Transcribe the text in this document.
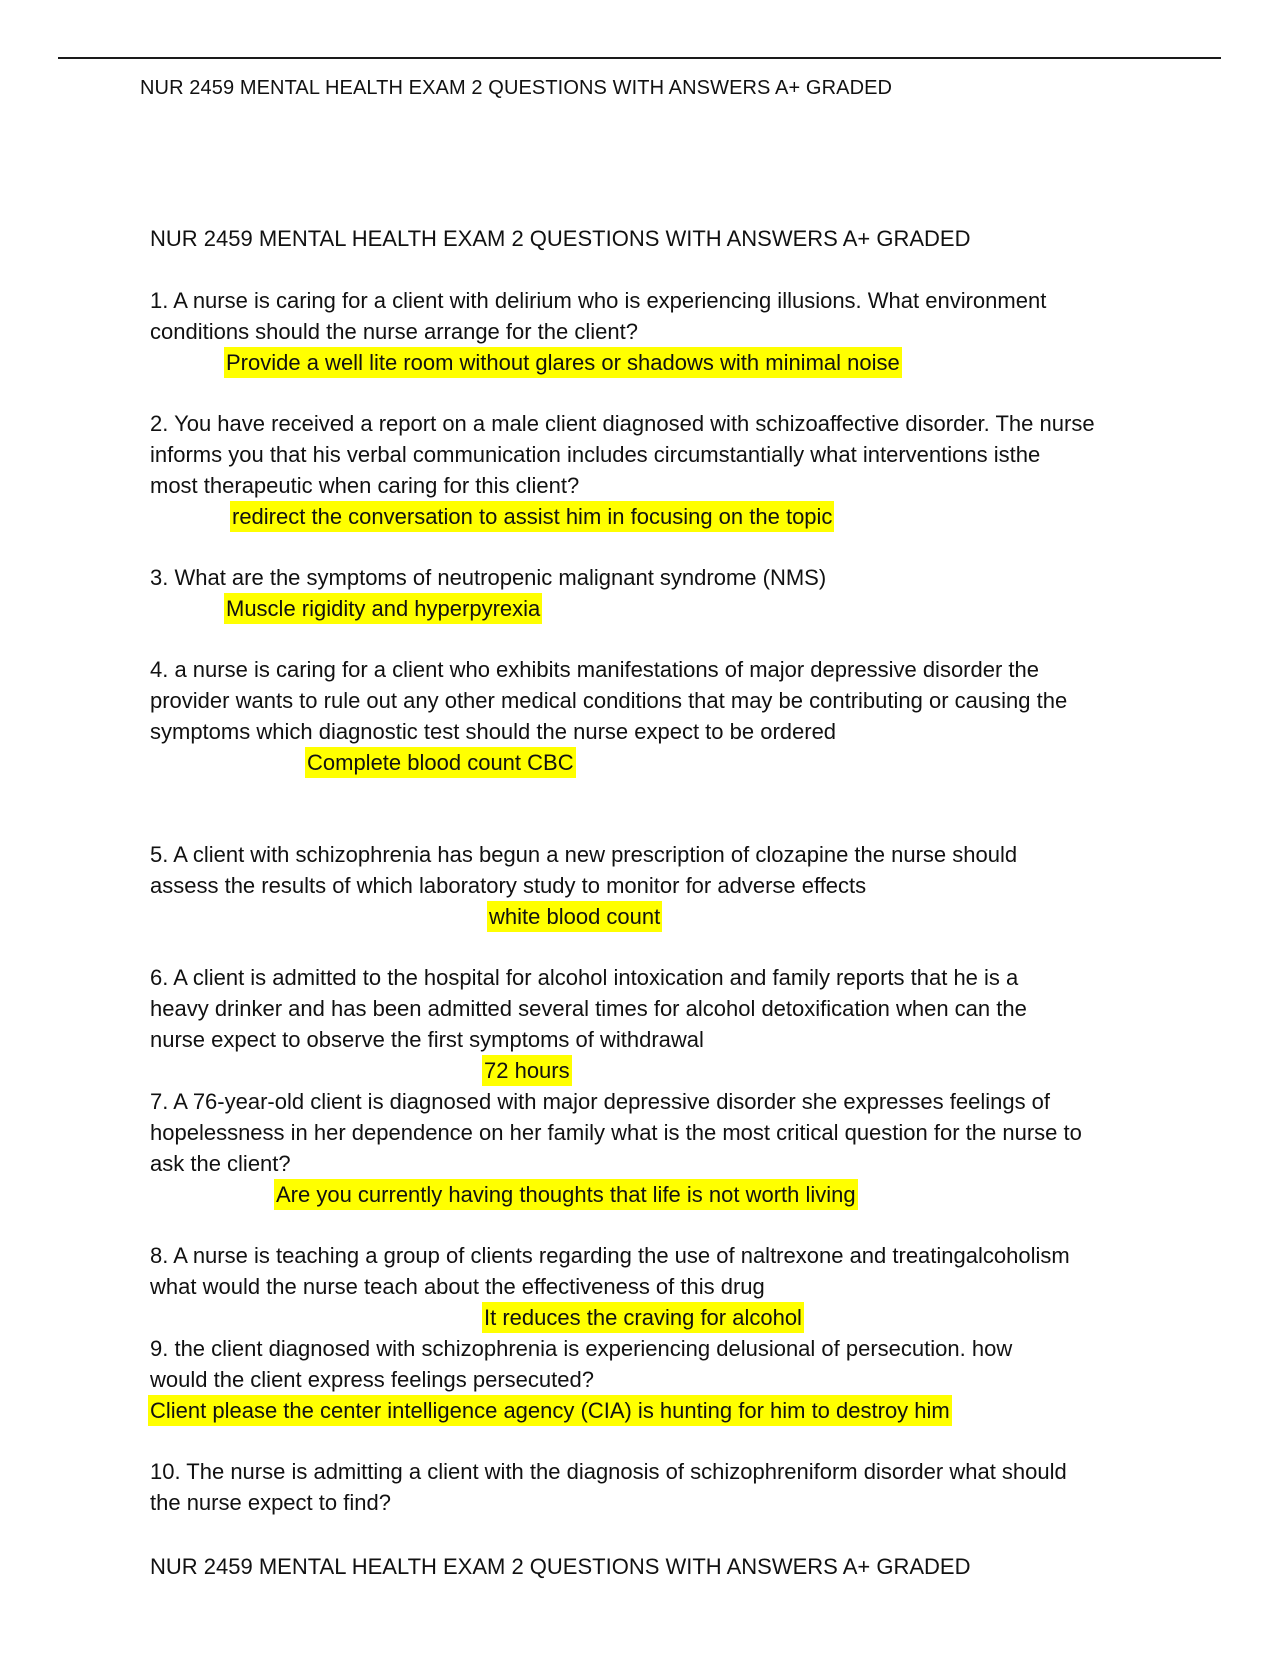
NUR 2459 MENTAL HEALTH EXAM 2 QUESTIONS WITH ANSWERS A+ GRADED
NUR 2459 MENTAL HEALTH EXAM 2 QUESTIONS WITH ANSWERS A+ GRADED
1. A nurse is caring for a client with delirium who is experiencing illusions. What environment
conditions should the nurse arrange for the client?
Provide a well lite room without glares or shadows with minimal noise
2. You have received a report on a male client diagnosed with schizoaffective disorder. The nurse
informs you that his verbal communication includes circumstantially what interventions isthe
most therapeutic when caring for this client?
redirect the conversation to assist him in focusing on the topic
3. What are the symptoms of neutropenic malignant syndrome (NMS)
Muscle rigidity and hyperpyrexia
4. a nurse is caring for a client who exhibits manifestations of major depressive disorder the
provider wants to rule out any other medical conditions that may be contributing or causing the
symptoms which diagnostic test should the nurse expect to be ordered
Complete blood count CBC
5. A client with schizophrenia has begun a new prescription of clozapine the nurse should
assess the results of which laboratory study to monitor for adverse effects
white blood count
6. A client is admitted to the hospital for alcohol intoxication and family reports that he is a
heavy drinker and has been admitted several times for alcohol detoxification when can the
nurse expect to observe the first symptoms of withdrawal
72 hours
7. A 76-year-old client is diagnosed with major depressive disorder she expresses feelings of
hopelessness in her dependence on her family what is the most critical question for the nurse to
ask the client?
Are you currently having thoughts that life is not worth living
8. A nurse is teaching a group of clients regarding the use of naltrexone and treatingalcoholism
what would the nurse teach about the effectiveness of this drug
It reduces the craving for alcohol
9. the client diagnosed with schizophrenia is experiencing delusional of persecution. how
would the client express feelings persecuted?
Client please the center intelligence agency (CIA) is hunting for him to destroy him
10. The nurse is admitting a client with the diagnosis of schizophreniform disorder what should
the nurse expect to find?
NUR 2459 MENTAL HEALTH EXAM 2 QUESTIONS WITH ANSWERS A+ GRADED
